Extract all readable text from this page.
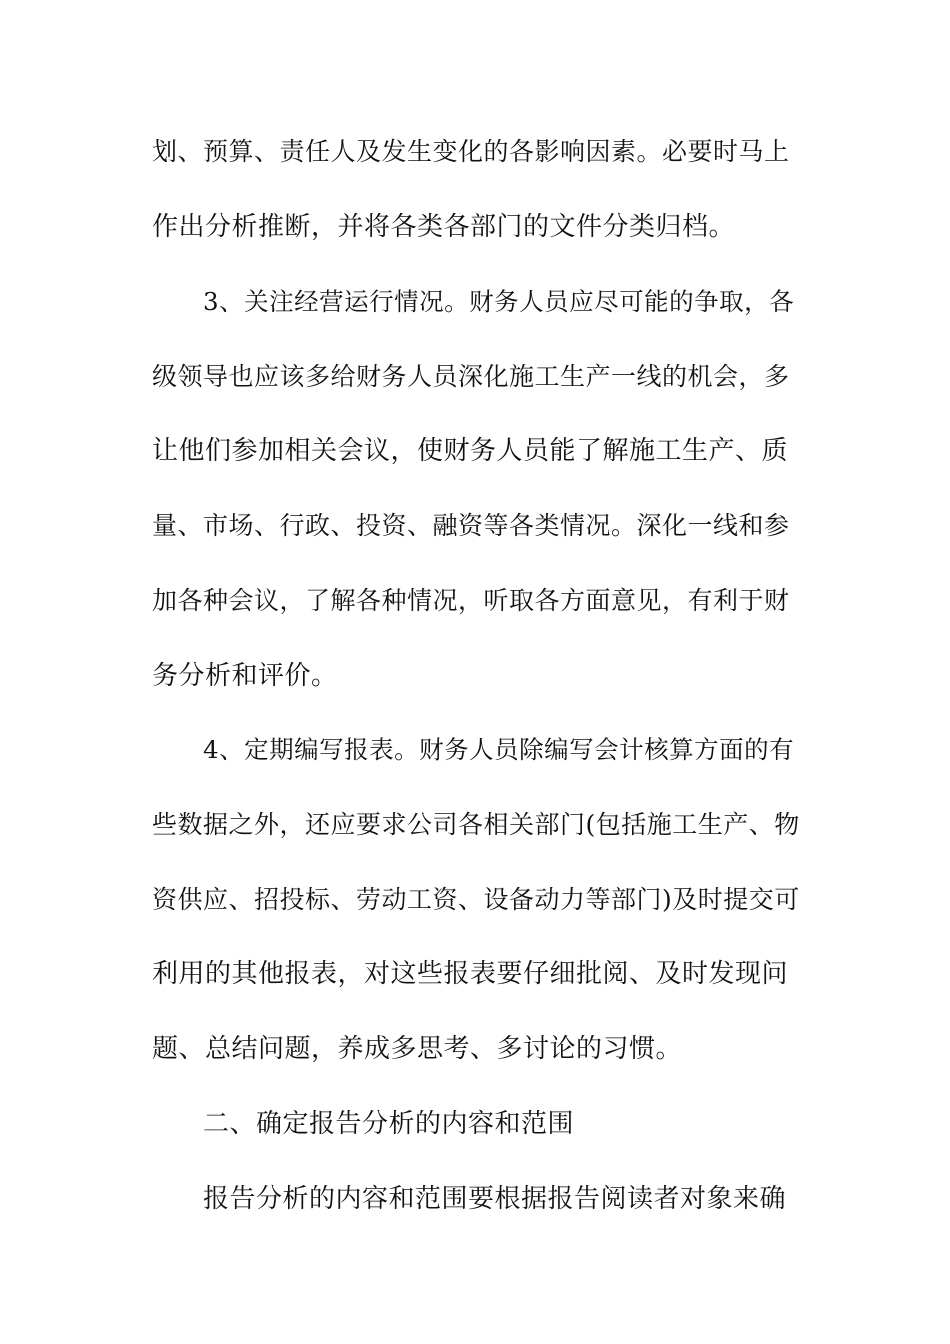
划、预算、责任人及发生变化的各影响因素。必要时马上
作出分析推断，并将各类各部门的文件分类归档。
3、关注经营运行情况。财务人员应尽可能的争取，各
级领导也应该多给财务人员深化施工生产一线的机会，多
让他们参加相关会议，使财务人员能了解施工生产、质
量、市场、行政、投资、融资等各类情况。深化一线和参
加各种会议，了解各种情况，听取各方面意见，有利于财
务分析和评价。
4、定期编写报表。财务人员除编写会计核算方面的有
些数据之外，还应要求公司各相关部门(包括施工生产、物
资供应、招投标、劳动工资、设备动力等部门)及时提交可
利用的其他报表，对这些报表要仔细批阅、及时发现问
题、总结问题，养成多思考、多讨论的习惯。
二、确定报告分析的内容和范围
报告分析的内容和范围要根据报告阅读者对象来确
